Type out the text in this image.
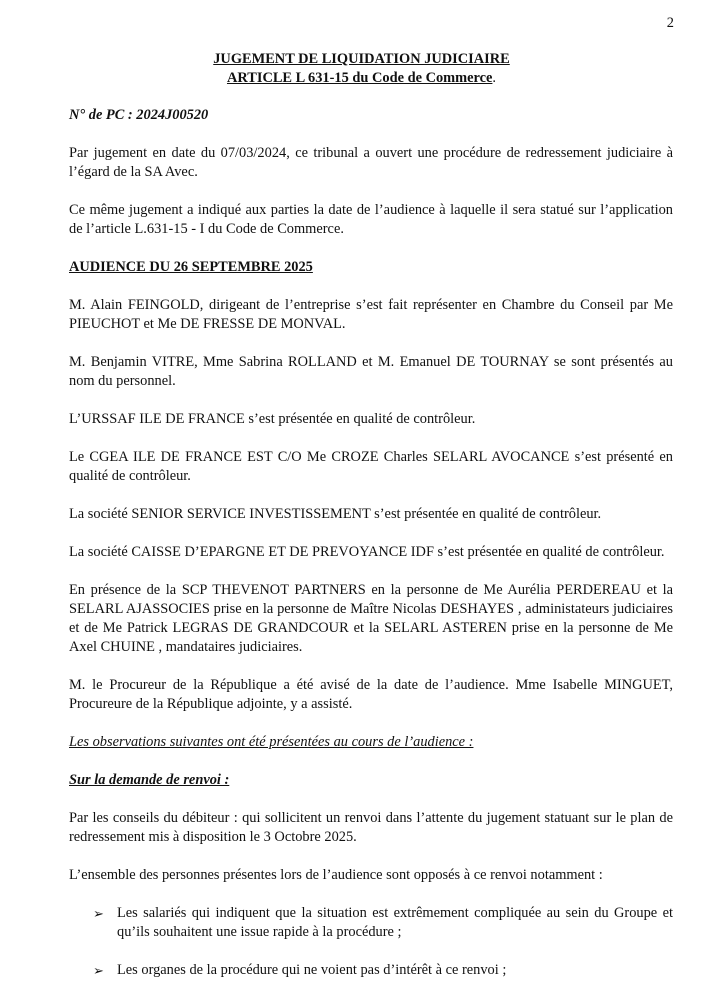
2
JUGEMENT DE LIQUIDATION JUDICIAIRE
ARTICLE L 631-15 du Code de Commerce.
N° de PC : 2024J00520

Par jugement en date du 07/03/2024, ce tribunal a ouvert une procédure de redressement judiciaire à l’égard de la SA Avec.

Ce même jugement a indiqué aux parties la date de l’audience à laquelle il sera statué sur l’application de l’article L.631-15 - I du Code de Commerce.

AUDIENCE DU 26 SEPTEMBRE 2025

M. Alain FEINGOLD, dirigeant de l’entreprise s’est fait représenter en Chambre du Conseil par Me PIEUCHOT et Me DE FRESSE DE MONVAL.

M. Benjamin VITRE, Mme Sabrina ROLLAND et M. Emanuel DE TOURNAY se sont présentés au nom du personnel.

L’URSSAF ILE DE FRANCE s’est présentée en qualité de contrôleur.

Le CGEA ILE DE FRANCE EST C/O Me CROZE Charles SELARL AVOCANCE s’est présenté en qualité de contrôleur.

La société SENIOR SERVICE INVESTISSEMENT s’est présentée en qualité de contrôleur.

La société CAISSE D’EPARGNE ET DE PREVOYANCE IDF s’est présentée en qualité de contrôleur.

En présence de la SCP THEVENOT PARTNERS en la personne de Me Aurélia PERDEREAU et la SELARL AJASSOCIES prise en la personne de Maître Nicolas DESHAYES , administateurs judiciaires et de Me Patrick LEGRAS DE GRANDCOUR et la SELARL ASTEREN prise en la personne de Me Axel CHUINE , mandataires judiciaires.

M. le Procureur de la République a été avisé de la date de l’audience. Mme Isabelle MINGUET, Procureure de la République adjointe, y a assisté.

Les observations suivantes ont été présentées au cours de l’audience :
Sur la demande de renvoi :

Par les conseils du débiteur : qui sollicitent un renvoi dans l’attente du jugement statuant sur le plan de redressement mis à disposition le 3 Octobre 2025.

L’ensemble des personnes présentes lors de l’audience sont opposés à ce renvoi notamment :

➢ Les salariés qui indiquent que la situation est extrêmement compliquée au sein du Groupe et qu’ils souhaitent une issue rapide à la procédure ;
➢ Les organes de la procédure qui ne voient pas d’intérêt à ce renvoi ;
